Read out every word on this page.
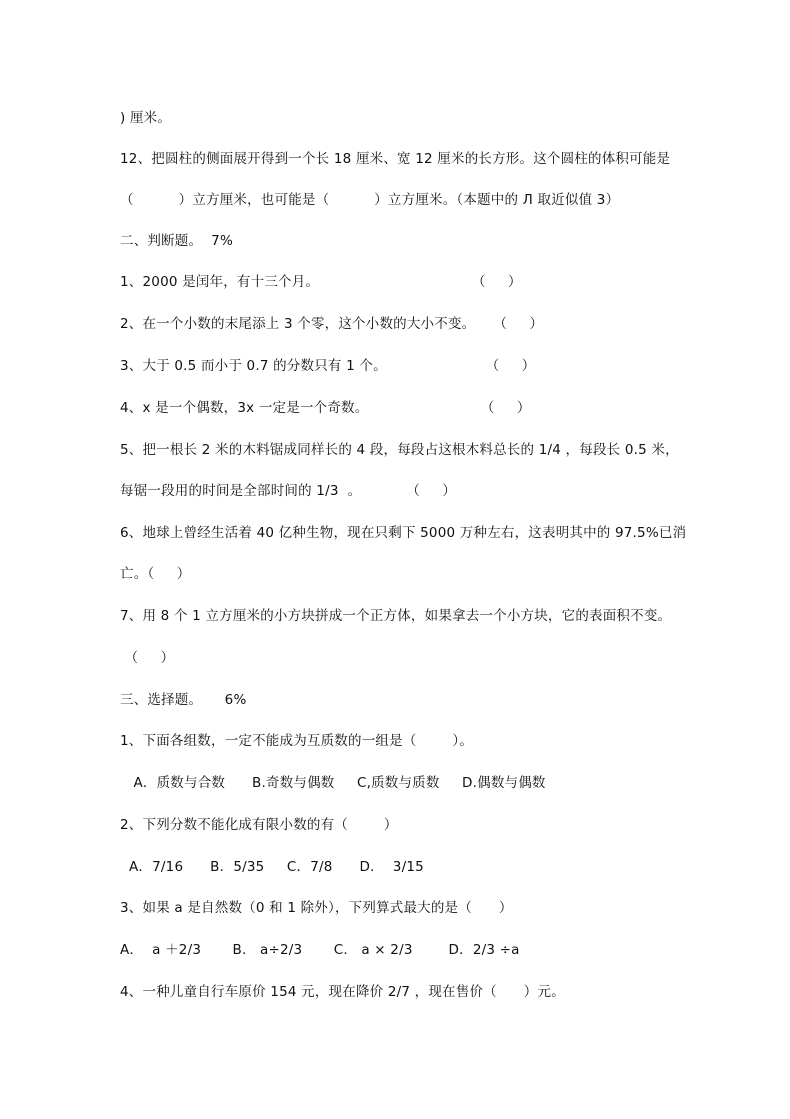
) 厘米。
12、把圆柱的侧面展开得到一个长 18 厘米、宽 12 厘米的长方形。这个圆柱的体积可能是
（          ）立方厘米，也可能是（          ）立方厘米。（本题中的 Л 取近似值 3）
二、判断题。  7%
1、2000 是闰年，有十三个月。                                  （     ）
2、在一个小数的末尾添上 3 个零，这个小数的大小不变。    （     ）
3、大于 0.5 而小于 0.7 的分数只有 1 个。                      （     ）
4、x 是一个偶数，3x 一定是一个奇数。                         （     ）
5、把一根长 2 米的木料锯成同样长的 4 段，每段占这根木料总长的 1/4 ，每段长 0.5 米，
每锯一段用的时间是全部时间的 1/3  。          （     ）
6、地球上曾经生活着 40 亿种生物，现在只剩下 5000 万种左右，这表明其中的 97.5%已消
亡。（     ）
7、用 8 个 1 立方厘米的小方块拼成一个正方体，如果拿去一个小方块，它的表面积不变。
（     ）
三、选择题。     6%
1、下面各组数，一定不能成为互质数的一组是（        ）。
A．质数与合数      B.奇数与偶数     C,质数与质数     D.偶数与偶数
2、下列分数不能化成有限小数的有（        ）
A．7/16      B．5/35     C．7/8      D．  3/15
3、如果 a 是自然数（0 和 1 除外），下列算式最大的是（      ）
A．  a ＋2/3       B.   a÷2/3       C.   a × 2/3        D．2/3 ÷a
4、一种儿童自行车原价 154 元，现在降价 2/7 ，现在售价（      ）元。
